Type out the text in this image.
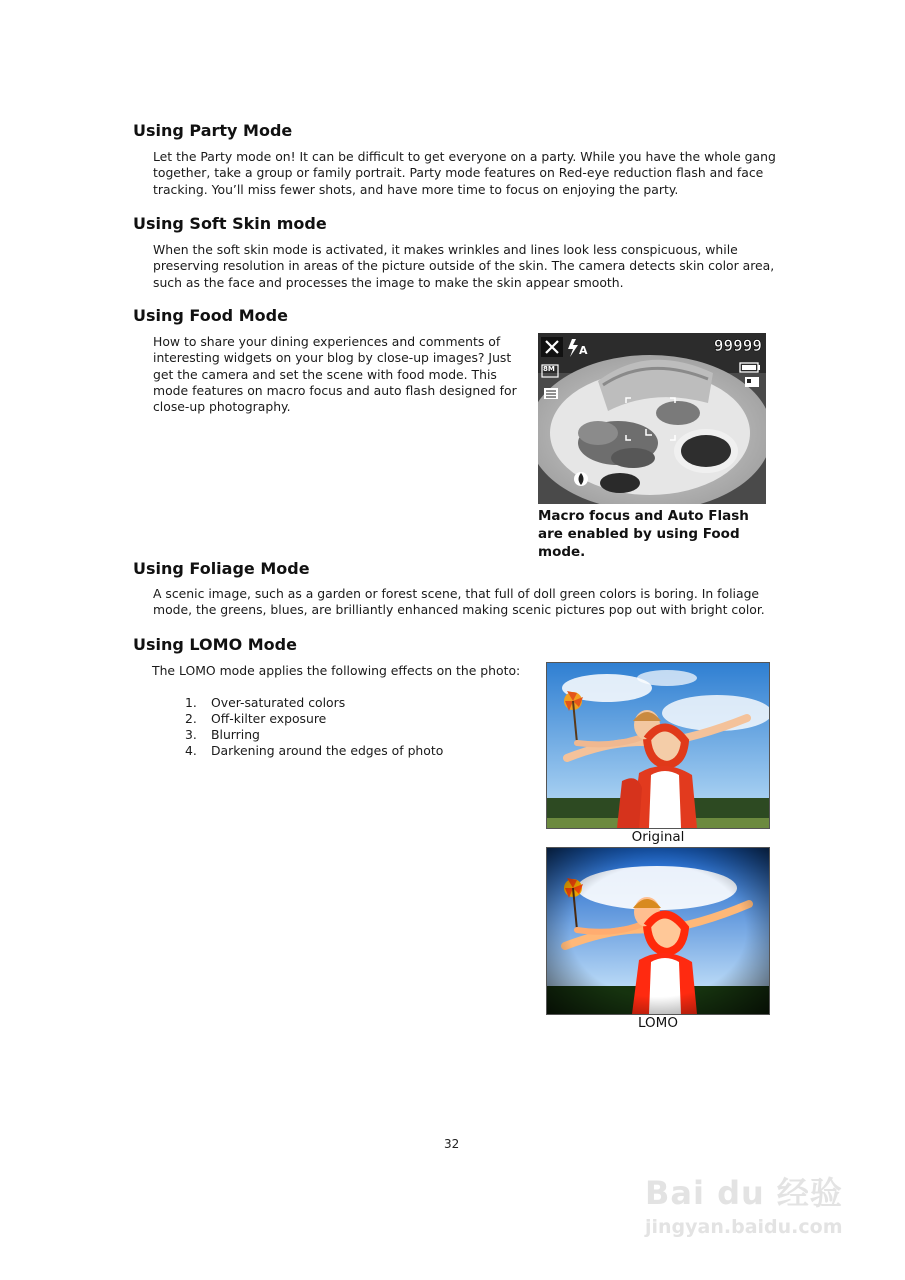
Using Party Mode

Let the Party mode on! It can be difficult to get everyone on a party. While you have the whole gang together, take a group or family portrait. Party mode features on Red-eye reduction flash and face tracking. You’ll miss fewer shots, and have more time to focus on enjoying the party.

Using Soft Skin mode

When the soft skin mode is activated, it makes wrinkles and lines look less conspicuous, while preserving resolution in areas of the picture outside of the skin. The camera detects skin color area, such as the face and processes the image to make the skin appear smooth.

Using Food Mode

How to share your dining experiences and comments of interesting widgets on your blog by close-up images? Just get the camera and set the scene with food mode. This mode features on macro focus and auto flash designed for close-up photography.

A	99999
8M
Macro focus and Auto Flash are enabled by using Food mode.
Using Foliage Mode

A scenic image, such as a garden or forest scene, that full of doll green colors is boring. In foliage mode, the greens, blues, are brilliantly enhanced making scenic pictures pop out with bright color.

Using LOMO Mode

The LOMO mode applies the following effects on the photo:

1. Over-saturated colors
2. Off-kilter exposure
3. Blurring
4. Darkening around the edges of photo
Original
LOMO
32
Bai du 经验
jingyan.baidu.com
